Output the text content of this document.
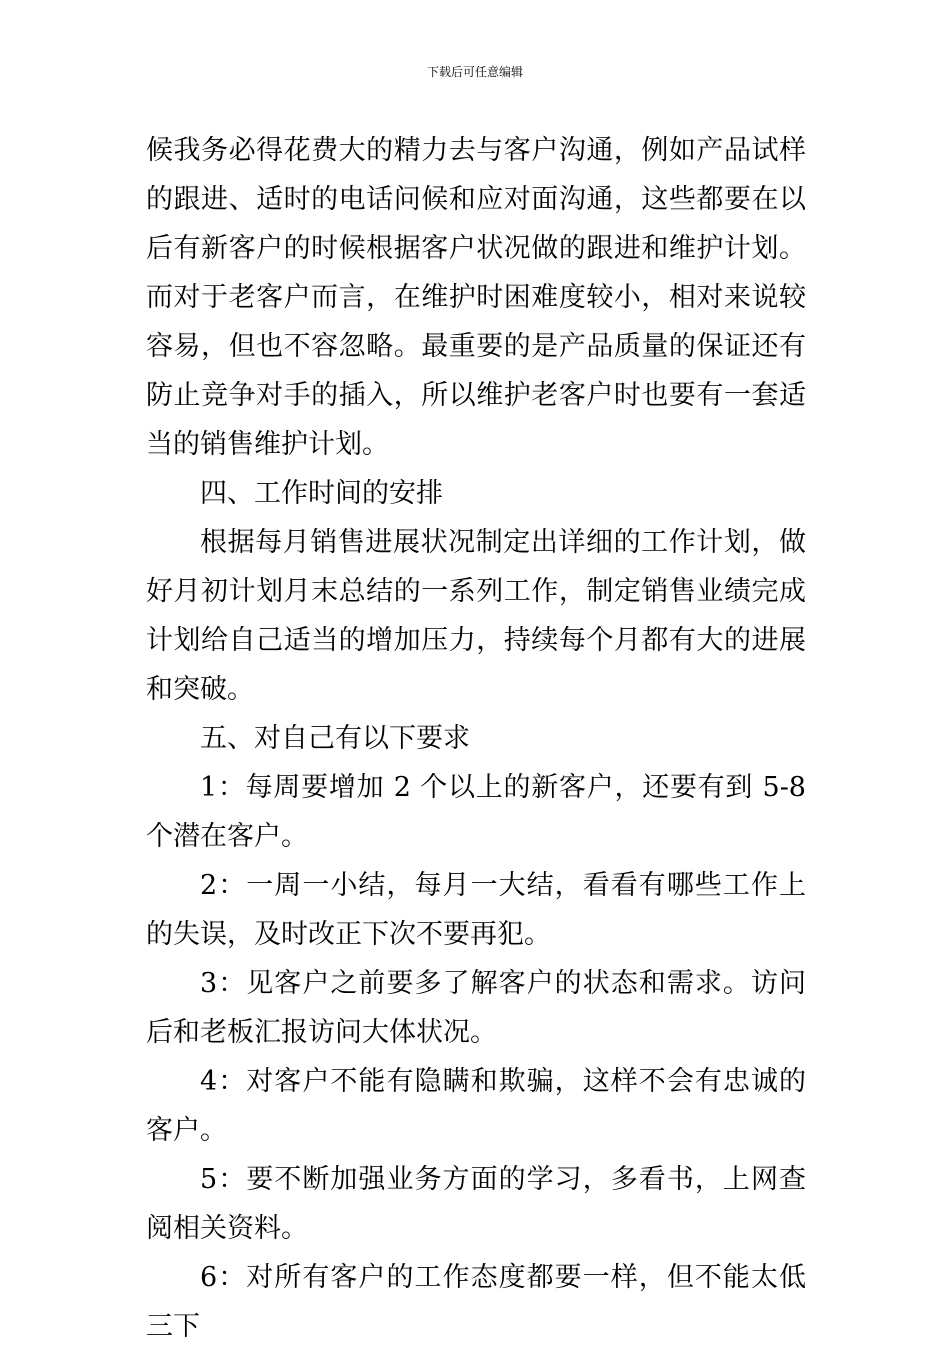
下载后可任意编辑

候我务必得花费大的精力去与客户沟通，例如产品试样的跟进、适时的电话问候和应对面沟通，这些都要在以后有新客户的时候根据客户状况做的跟进和维护计划。而对于老客户而言，在维护时困难度较小，相对来说较容易，但也不容忽略。最重要的是产品质量的保证还有防止竞争对手的插入，所以维护老客户时也要有一套适当的销售维护计划。

四、工作时间的安排

根据每月销售进展状况制定出详细的工作计划，做好月初计划月末总结的一系列工作，制定销售业绩完成计划给自己适当的增加压力，持续每个月都有大的进展和突破。

五、对自己有以下要求

1：每周要增加 2 个以上的新客户，还要有到 5-8 个潜在客户。

2：一周一小结，每月一大结，看看有哪些工作上的失误，及时改正下次不要再犯。

3：见客户之前要多了解客户的状态和需求。访问后和老板汇报访问大体状况。

4：对客户不能有隐瞒和欺骗，这样不会有忠诚的客户。

5：要不断加强业务方面的学习，多看书，上网查阅相关资料。

6：对所有客户的工作态度都要一样，但不能太低三下
